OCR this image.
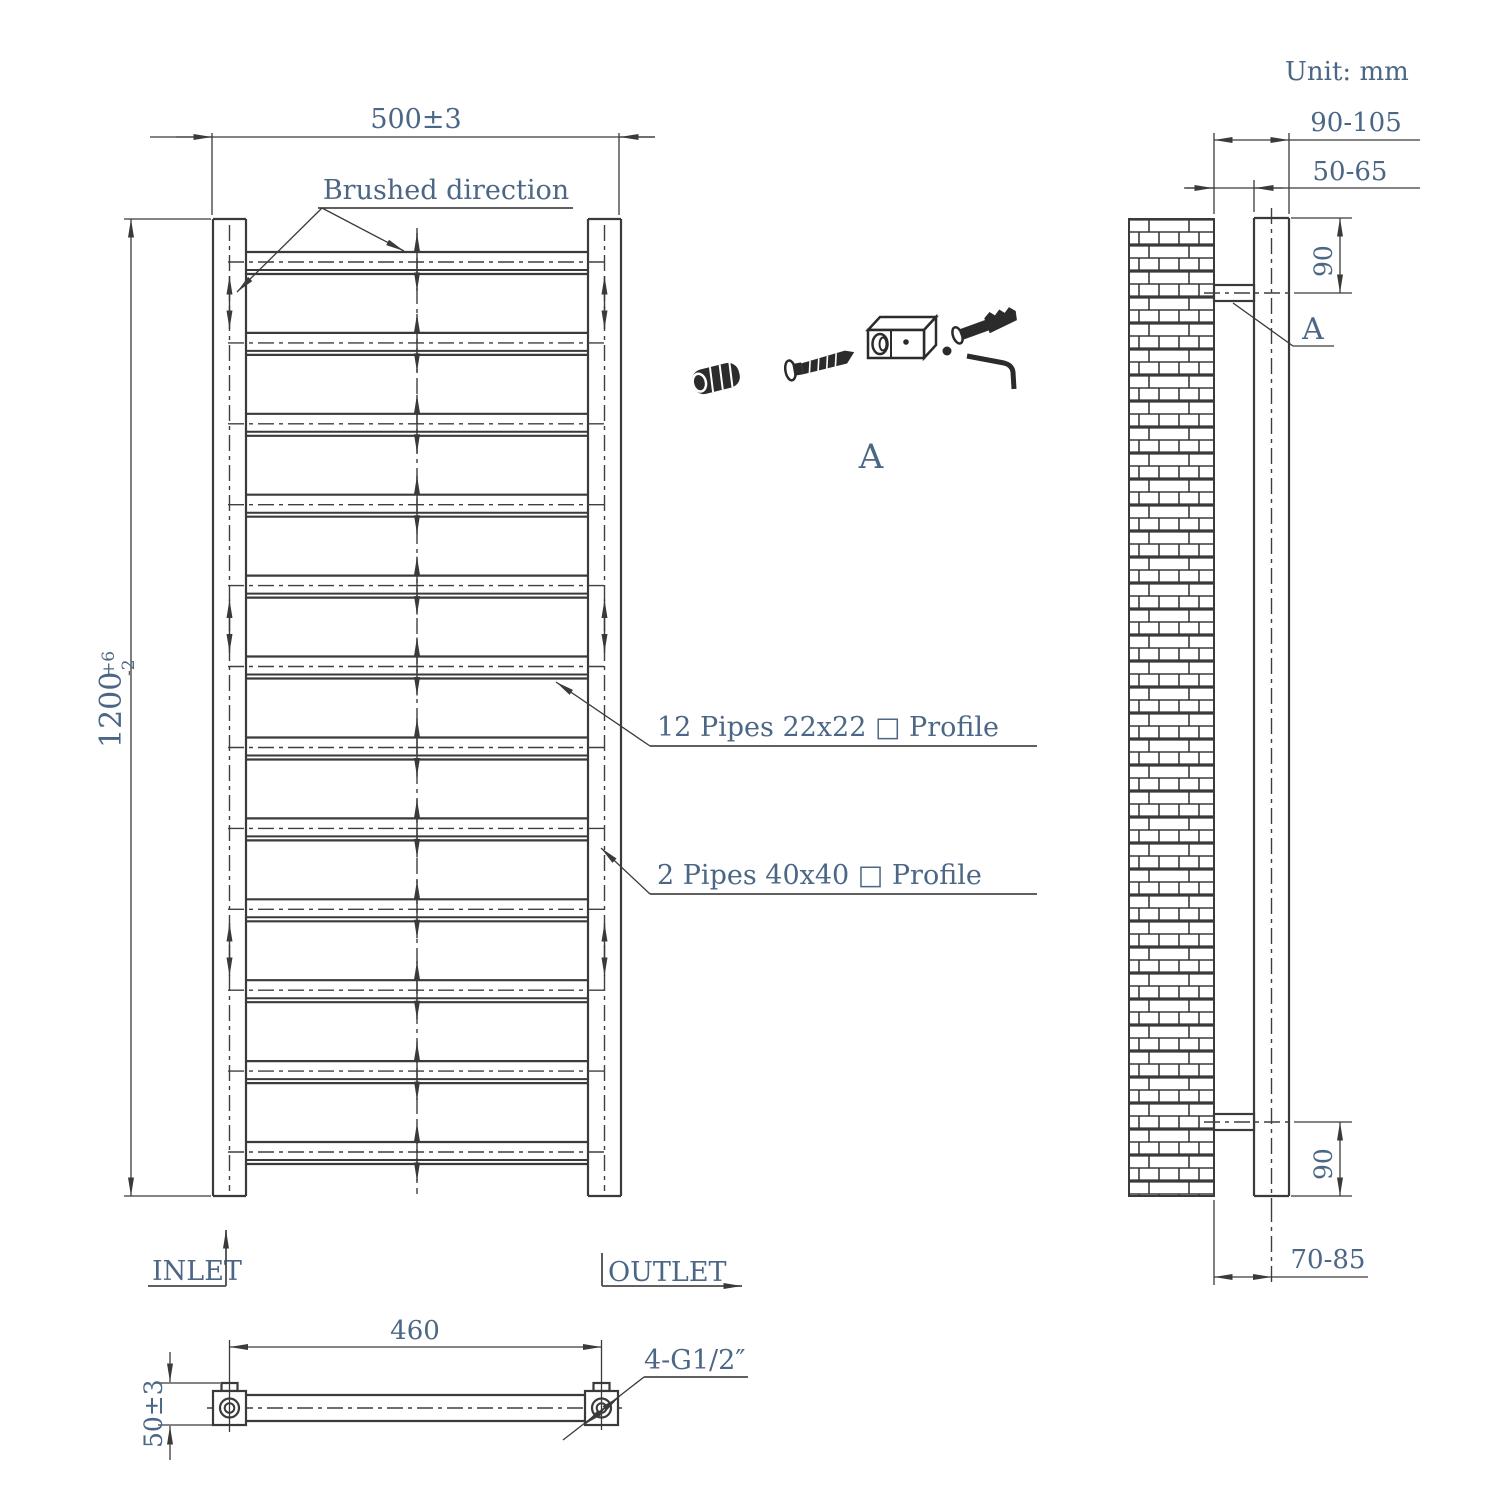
500±3
1200
+6 -2
Brushed direction
12 Pipes 22x22 □ Profile
2 Pipes 40x40 □ Profile
INLET	OUTLET
Unit: mm
A
90-105
50-65
90
A
90
70-85
460
50±3
4-G1/2″
